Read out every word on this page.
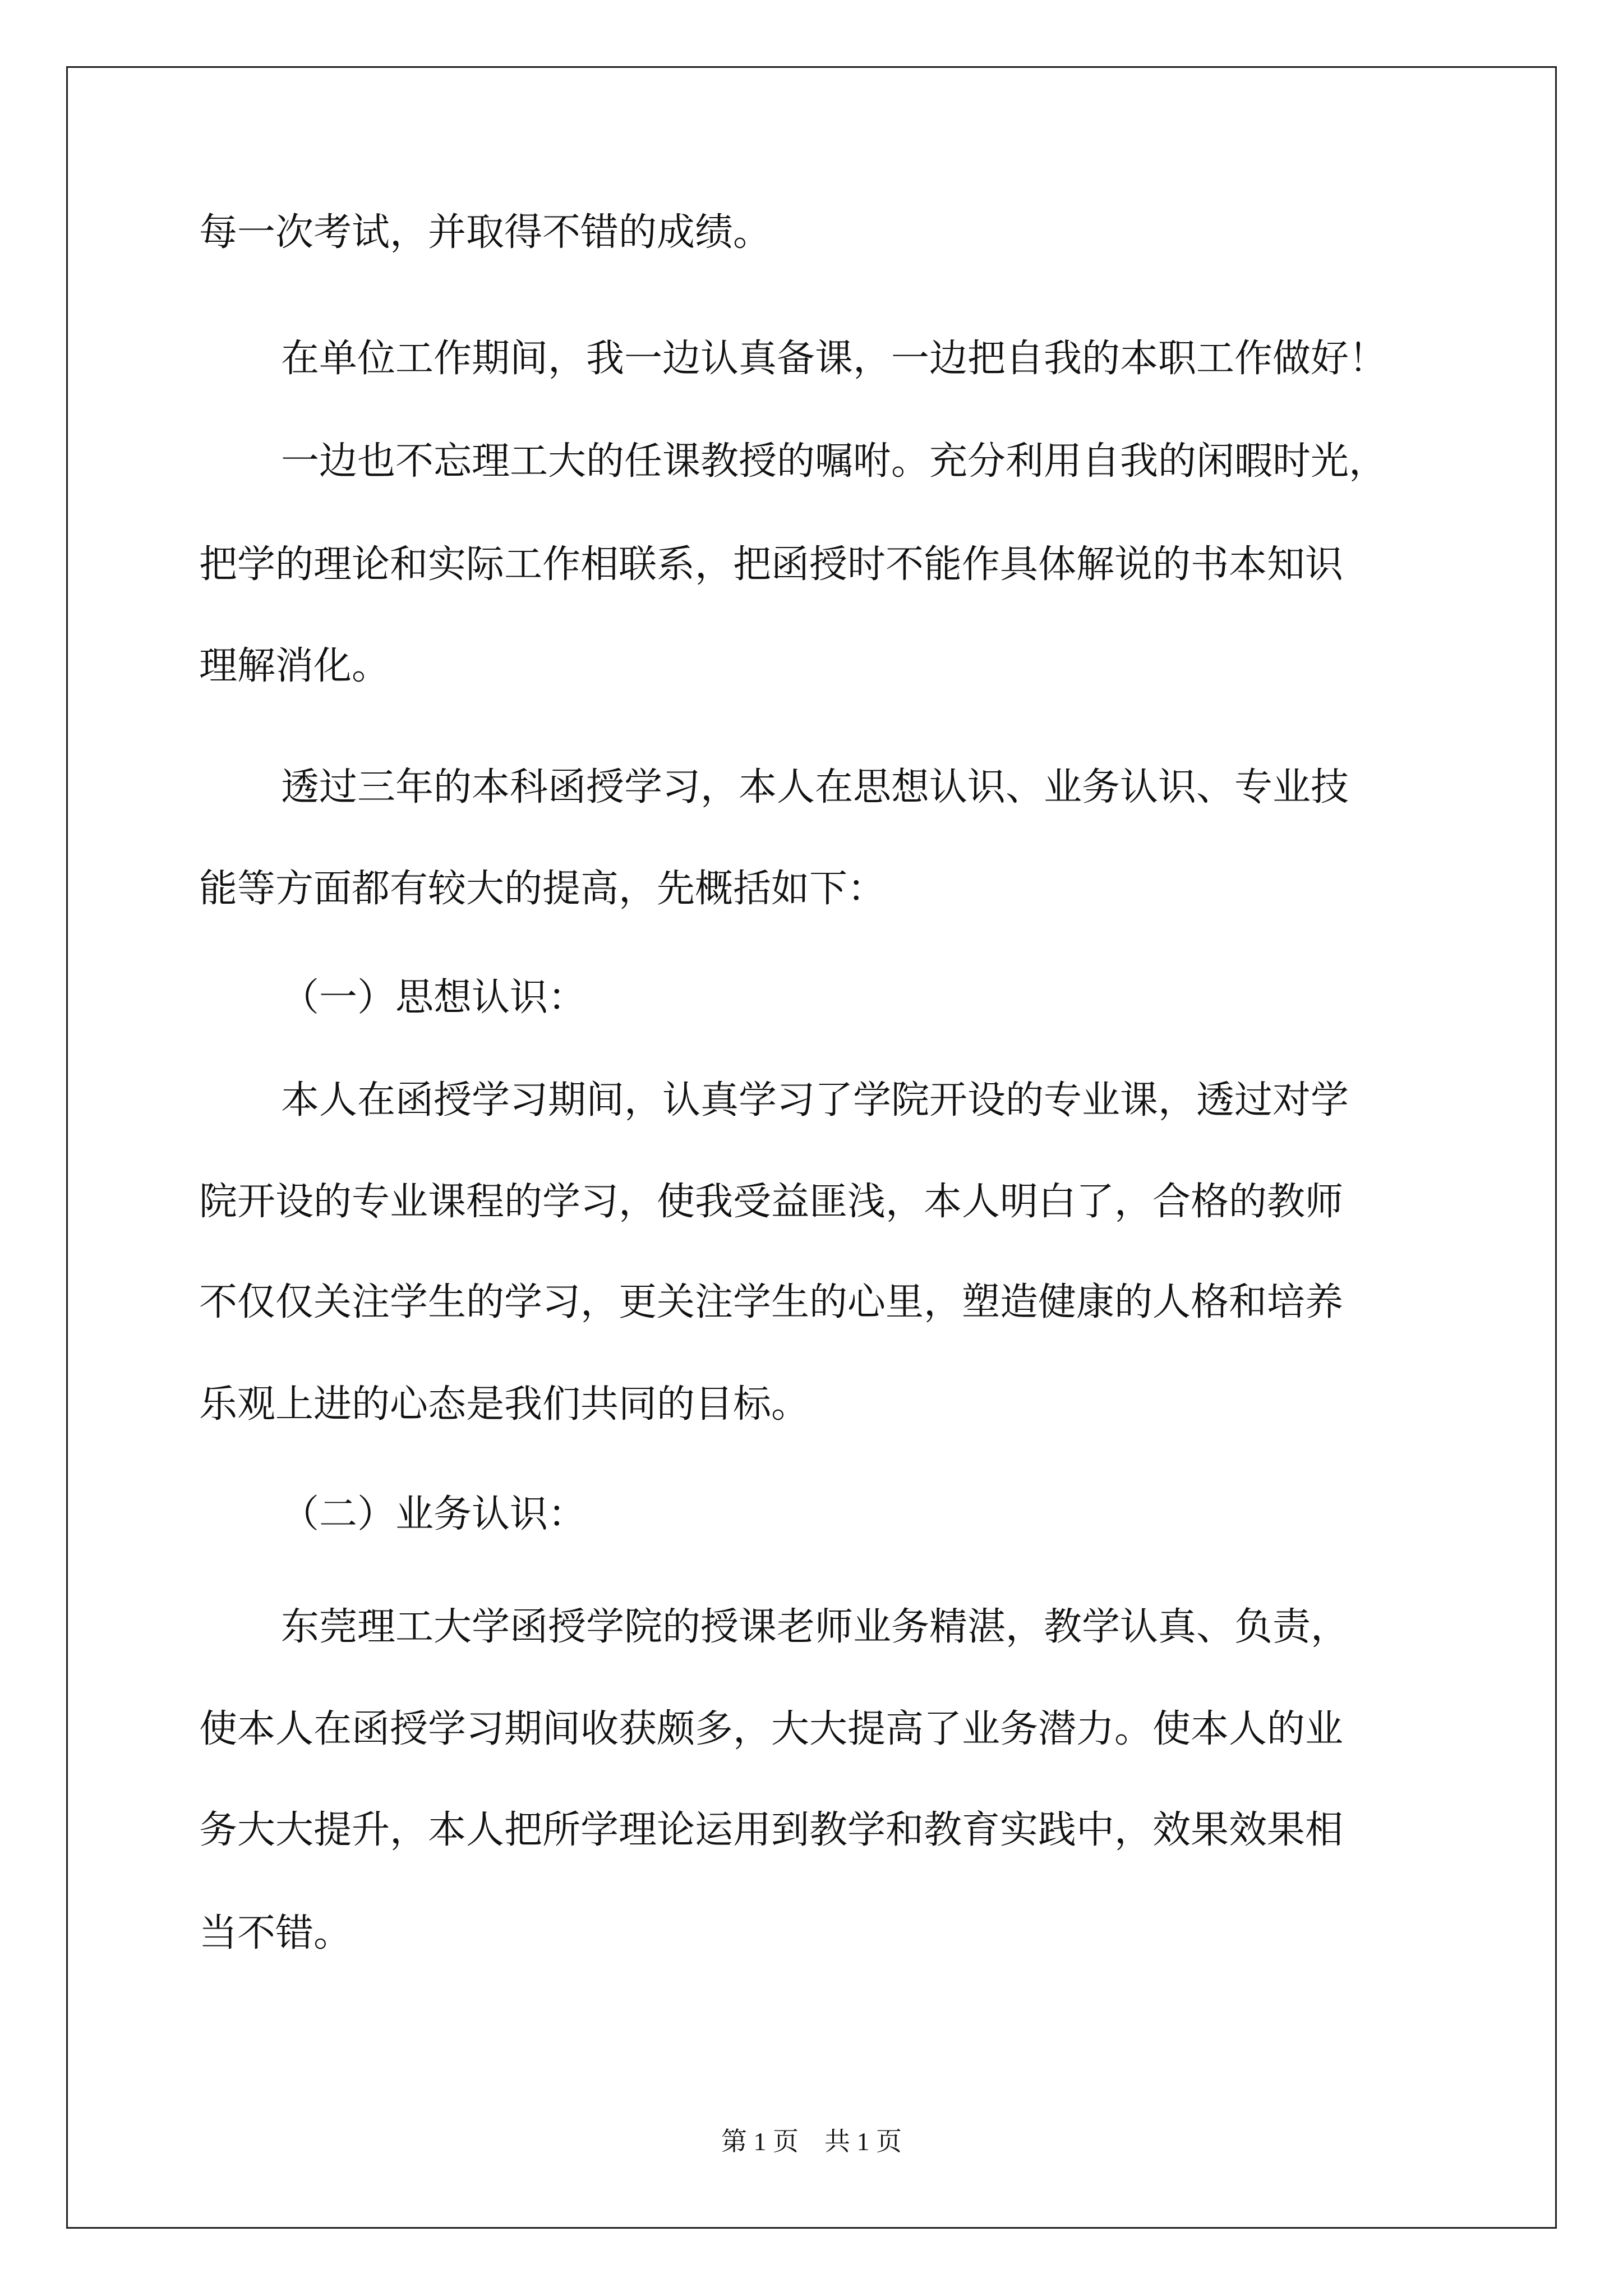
每一次考试，并取得不错的成绩。
在单位工作期间，我一边认真备课，一边把自我的本职工作做好！
一边也不忘理工大的任课教授的嘱咐。充分利用自我的闲暇时光，
把学的理论和实际工作相联系，把函授时不能作具体解说的书本知识
理解消化。
透过三年的本科函授学习，本人在思想认识、业务认识、专业技
能等方面都有较大的提高，先概括如下：
（一）思想认识：
本人在函授学习期间，认真学习了学院开设的专业课，透过对学
院开设的专业课程的学习，使我受益匪浅，本人明白了，合格的教师
不仅仅关注学生的学习，更关注学生的心里，塑造健康的人格和培养
乐观上进的心态是我们共同的目标。
（二）业务认识：
东莞理工大学函授学院的授课老师业务精湛，教学认真、负责，
使本人在函授学习期间收获颇多，大大提高了业务潜力。使本人的业
务大大提升，本人把所学理论运用到教学和教育实践中，效果效果相
当不错。
第 1 页    共 1 页
